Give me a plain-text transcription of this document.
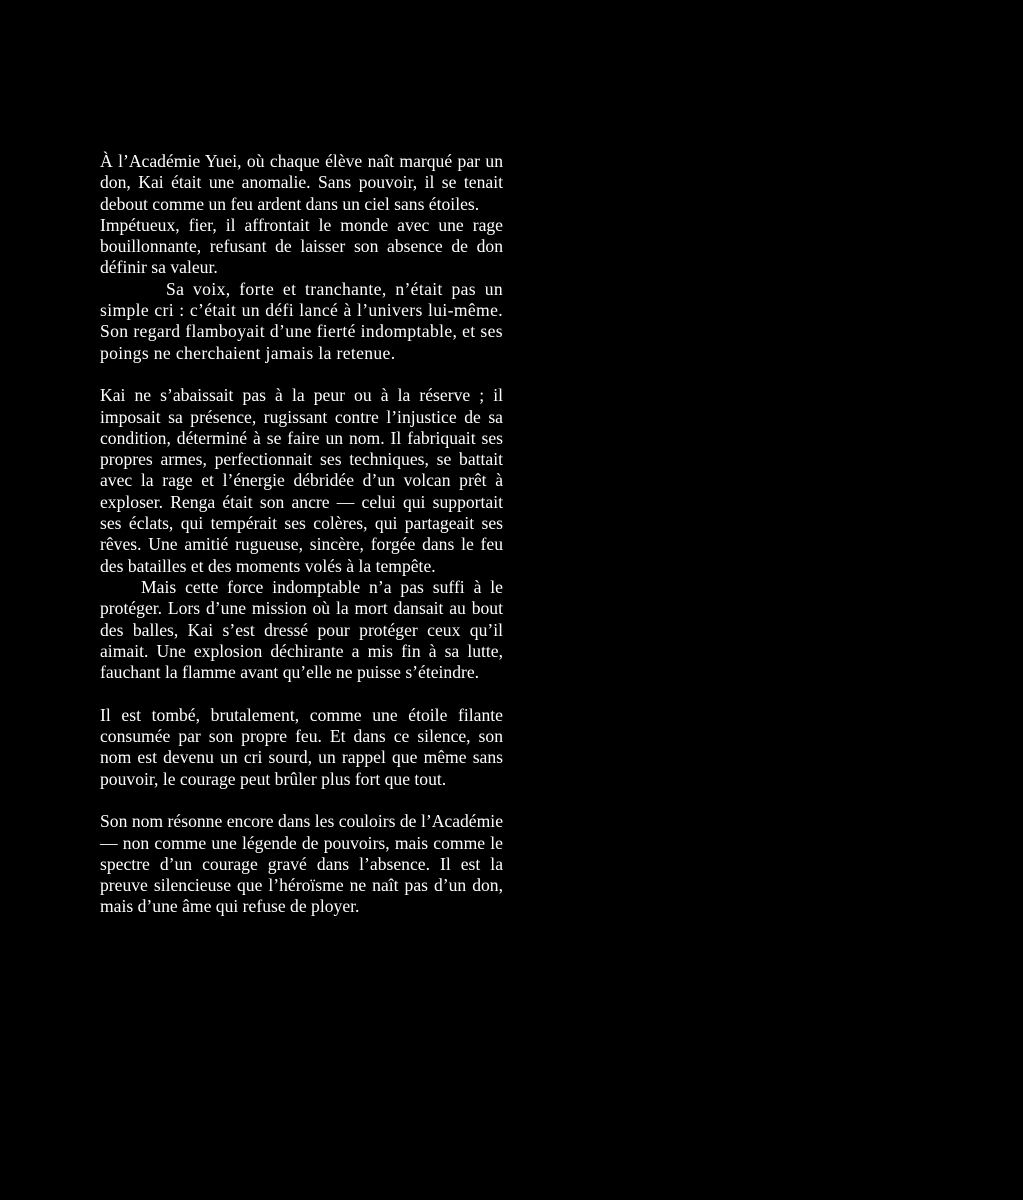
À l’Académie Yuei, où chaque élève naît marqué par un don, Kai était une anomalie. Sans pouvoir, il se tenait debout comme un feu ardent dans un ciel sans étoiles.

Impétueux, fier, il affrontait le monde avec une rage bouillonnante, refusant de laisser son absence de don définir sa valeur.

Sa voix, forte et tranchante, n’était pas un simple cri : c’était un défi lancé à l’univers lui-même. Son regard flamboyait d’une fierté indomptable, et ses poings ne cherchaient jamais la retenue.

Kai ne s’abaissait pas à la peur ou à la réserve ; il imposait sa présence, rugissant contre l’injustice de sa condition, déterminé à se faire un nom. Il fabriquait ses propres armes, perfectionnait ses techniques, se battait avec la rage et l’énergie débridée d’un volcan prêt à exploser. Renga était son ancre — celui qui supportait ses éclats, qui tempérait ses colères, qui partageait ses rêves. Une amitié rugueuse, sincère, forgée dans le feu des batailles et des moments volés à la tempête.

Mais cette force indomptable n’a pas suffi à le protéger. Lors d’une mission où la mort dansait au bout des balles, Kai s’est dressé pour protéger ceux qu’il aimait. Une explosion déchirante a mis fin à sa lutte, fauchant la flamme avant qu’elle ne puisse s’éteindre.

Il est tombé, brutalement, comme une étoile filante consumée par son propre feu. Et dans ce silence, son nom est devenu un cri sourd, un rappel que même sans pouvoir, le courage peut brûler plus fort que tout.

Son nom résonne encore dans les couloirs de l’Académie — non comme une légende de pouvoirs, mais comme le spectre d’un courage gravé dans l’absence. Il est la preuve silencieuse que l’héroïsme ne naît pas d’un don, mais d’une âme qui refuse de ployer.
